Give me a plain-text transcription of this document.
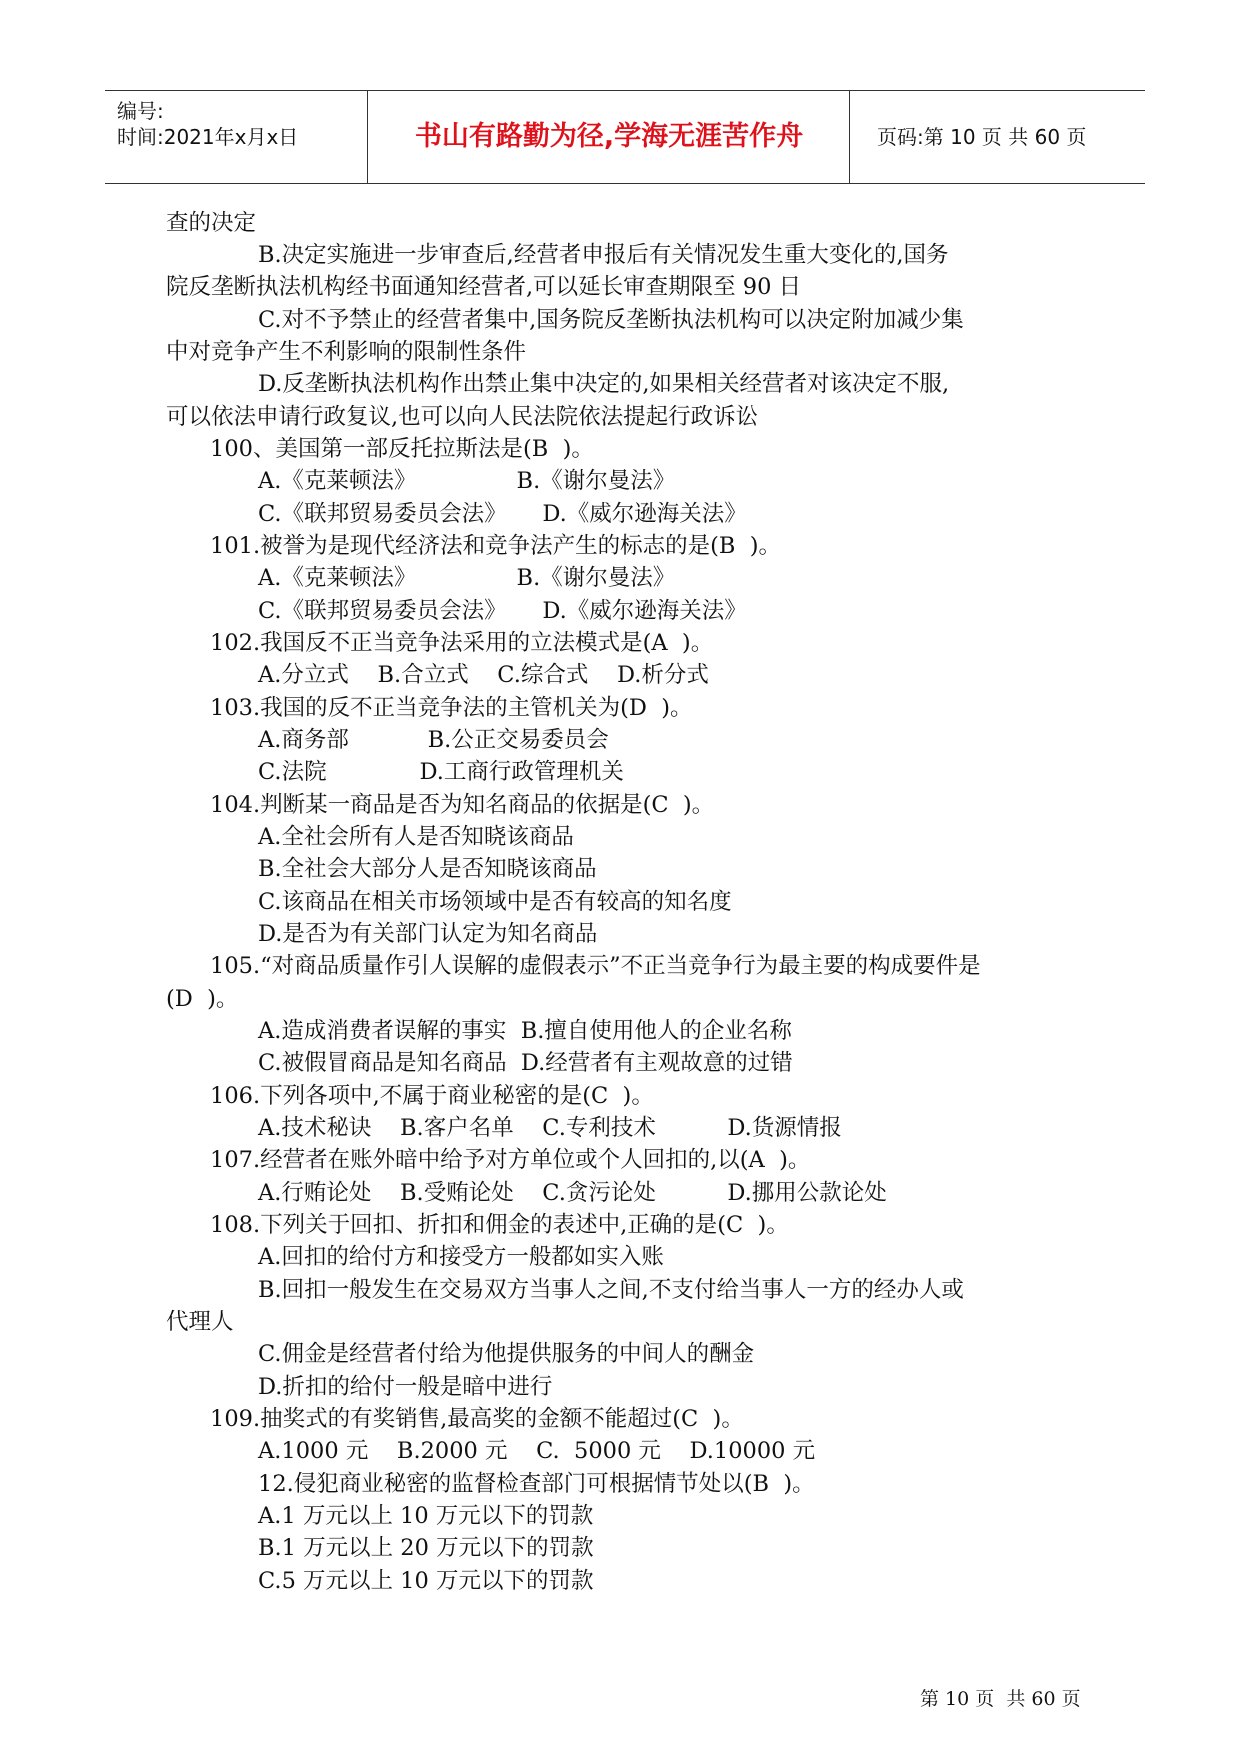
编号:
时间:2021年x月x日	书山有路勤为径,学海无涯苦作舟	页码:第 10 页 共 60 页
查的决定
B.决定实施进一步审查后,经营者申报后有关情况发生重大变化的,国务
院反垄断执法机构经书面通知经营者,可以延长审查期限至 90 日
C.对不予禁止的经营者集中,国务院反垄断执法机构可以决定附加减少集
中对竞争产生不利影响的限制性条件
D.反垄断执法机构作出禁止集中决定的,如果相关经营者对该决定不服,
可以依法申请行政复议,也可以向人民法院依法提起行政诉讼
100、美国第一部反托拉斯法是(B  )。
A.《克莱顿法》              B.《谢尔曼法》
C.《联邦贸易委员会法》     D.《威尔逊海关法》
101.被誉为是现代经济法和竞争法产生的标志的是(B  )。
A.《克莱顿法》              B.《谢尔曼法》
C.《联邦贸易委员会法》     D.《威尔逊海关法》
102.我国反不正当竞争法采用的立法模式是(A  )。
A.分立式    B.合立式    C.综合式    D.析分式
103.我国的反不正当竞争法的主管机关为(D  )。
A.商务部           B.公正交易委员会
C.法院             D.工商行政管理机关
104.判断某一商品是否为知名商品的依据是(C  )。
A.全社会所有人是否知晓该商品
B.全社会大部分人是否知晓该商品
C.该商品在相关市场领域中是否有较高的知名度
D.是否为有关部门认定为知名商品
105.“对商品质量作引人误解的虚假表示”不正当竞争行为最主要的构成要件是
(D  )。
A.造成消费者误解的事实  B.擅自使用他人的企业名称
C.被假冒商品是知名商品  D.经营者有主观故意的过错
106.下列各项中,不属于商业秘密的是(C  )。
A.技术秘诀    B.客户名单    C.专利技术          D.货源情报
107.经营者在账外暗中给予对方单位或个人回扣的,以(A  )。
A.行贿论处    B.受贿论处    C.贪污论处          D.挪用公款论处
108.下列关于回扣、折扣和佣金的表述中,正确的是(C  )。
A.回扣的给付方和接受方一般都如实入账
B.回扣一般发生在交易双方当事人之间,不支付给当事人一方的经办人或
代理人
C.佣金是经营者付给为他提供服务的中间人的酬金
D.折扣的给付一般是暗中进行
109.抽奖式的有奖销售,最高奖的金额不能超过(C  )。
A.1000 元    B.2000 元    C.  5000 元    D.10000 元
12.侵犯商业秘密的监督检查部门可根据情节处以(B  )。
A.1 万元以上 10 万元以下的罚款
B.1 万元以上 20 万元以下的罚款
C.5 万元以上 10 万元以下的罚款
第 10 页  共 60 页
